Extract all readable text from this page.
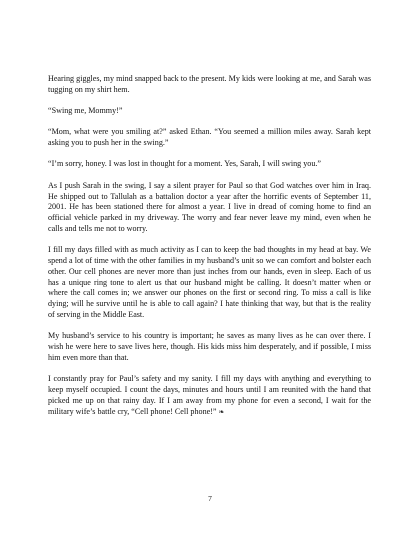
Hearing giggles, my mind snapped back to the present. My kids were looking at me, and Sarah was tugging on my shirt hem.

“Swing me, Mommy!”

“Mom, what were you smiling at?” asked Ethan. “You seemed a million miles away. Sarah kept asking you to push her in the swing.”

“I’m sorry, honey. I was lost in thought for a moment. Yes, Sarah, I will swing you.”

As I push Sarah in the swing, I say a silent prayer for Paul so that God watches over him in Iraq. He shipped out to Tallulah as a battalion doctor a year after the horrific events of September 11, 2001. He has been stationed there for almost a year. I live in dread of coming home to find an official vehicle parked in my driveway. The worry and fear never leave my mind, even when he calls and tells me not to worry.

I fill my days filled with as much activity as I can to keep the bad thoughts in my head at bay. We spend a lot of time with the other families in my husband’s unit so we can comfort and bolster each other. Our cell phones are never more than just inches from our hands, even in sleep. Each of us has a unique ring tone to alert us that our husband might be calling. It doesn’t matter when or where the call comes in; we answer our phones on the first or second ring. To miss a call is like dying; will he survive until he is able to call again? I hate thinking that way, but that is the reality of serving in the Middle East.

My husband’s service to his country is important; he saves as many lives as he can over there. I wish he were here to save lives here, though. His kids miss him desperately, and if possible, I miss him even more than that.

I constantly pray for Paul’s safety and my sanity. I fill my days with anything and everything to keep myself occupied. I count the days, minutes and hours until I am reunited with the hand that picked me up on that rainy day. If I am away from my phone for even a second, I wait for the military wife’s battle cry, “Cell phone! Cell phone!” ❧

7
